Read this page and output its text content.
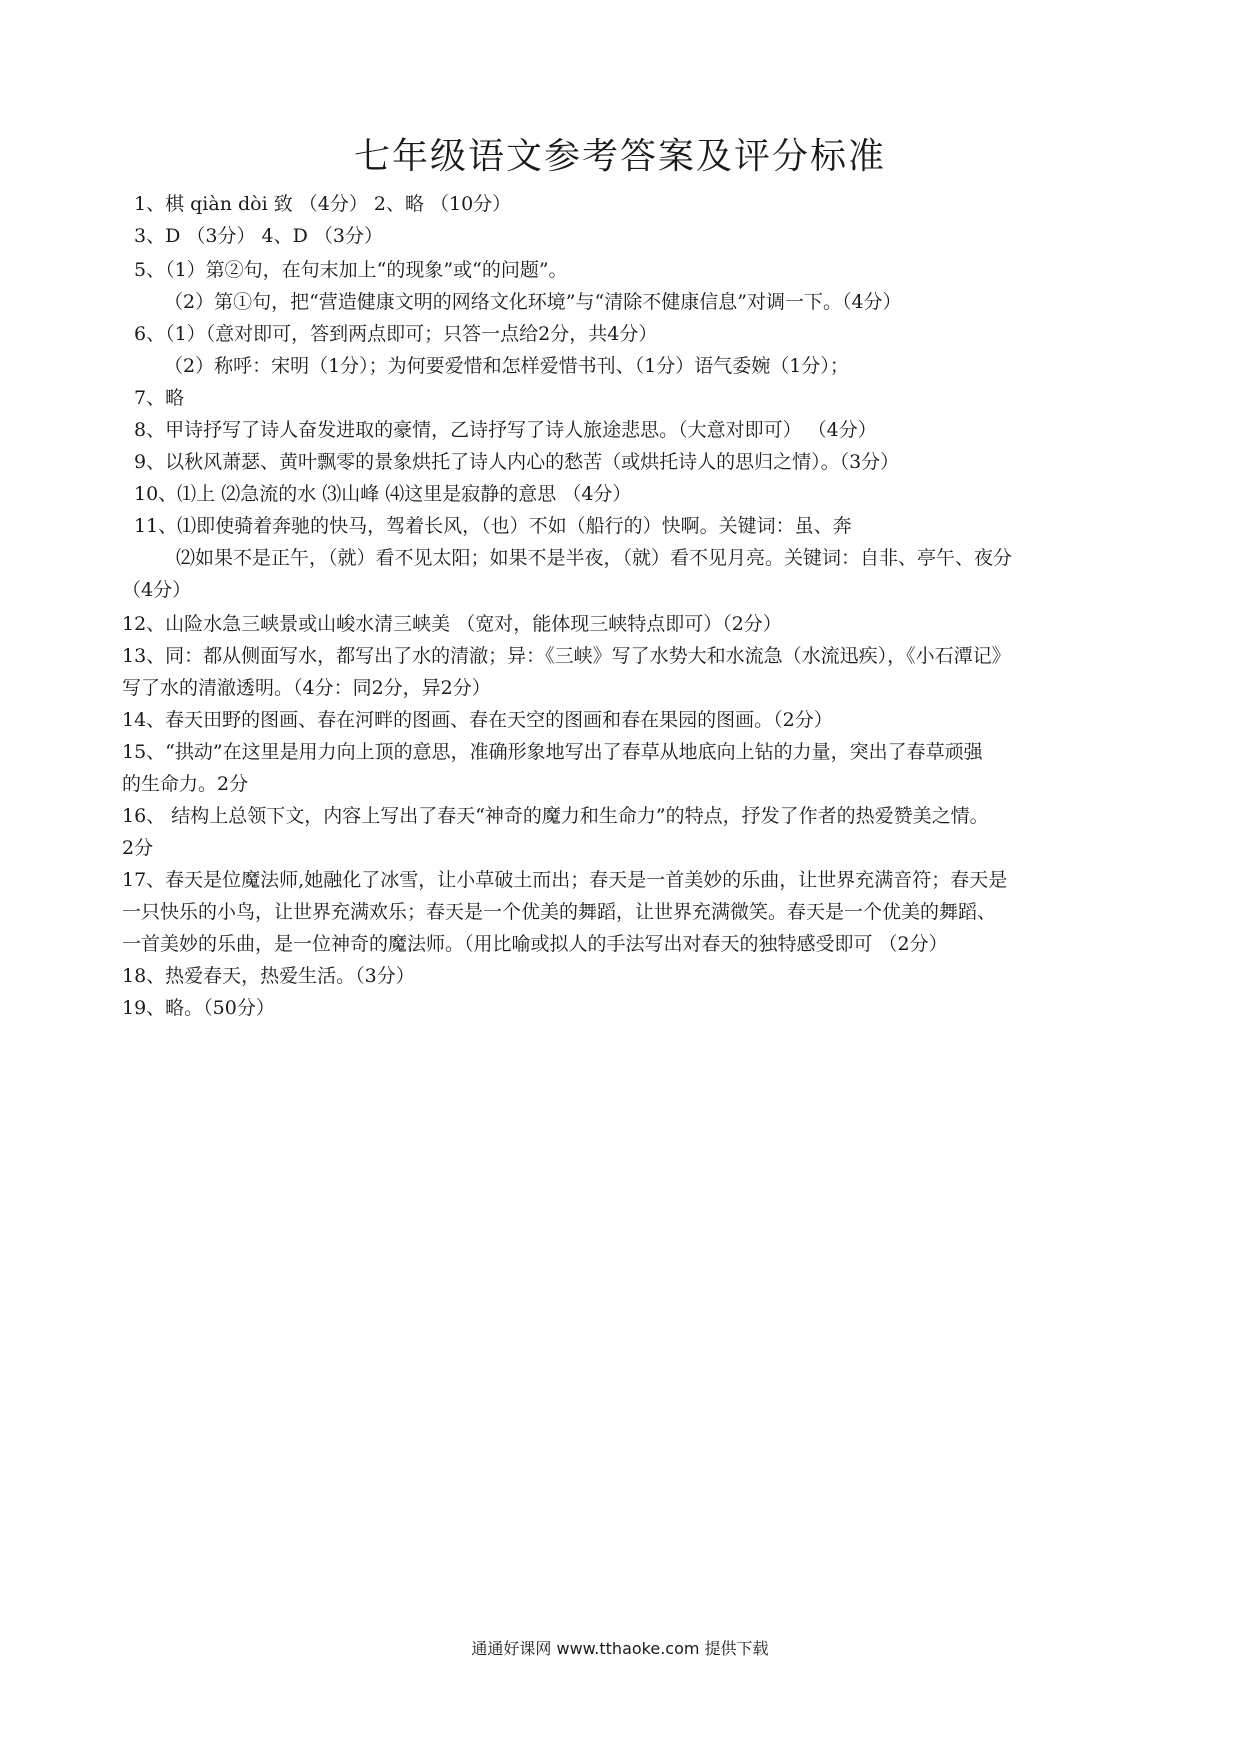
七年级语文参考答案及评分标准
1、棋 qiàn dòi 致 （4分） 2、略 （10分）
3、D （3分） 4、D （3分）
5、（1）第②句，在句末加上“的现象”或“的问题”。
（2）第①句，把“营造健康文明的网络文化环境”与“清除不健康信息”对调一下。（4分）
6、（1）（意对即可，答到两点即可；只答一点给2分，共4分）
（2）称呼：宋明（1分）；为何要爱惜和怎样爱惜书刊、（1分）语气委婉（1分）；
7、略
8、甲诗抒写了诗人奋发进取的豪情，乙诗抒写了诗人旅途悲思。（大意对即可） （4分）
9、以秋风萧瑟、黄叶飘零的景象烘托了诗人内心的愁苦（或烘托诗人的思归之情）。（3分）
10、⑴上 ⑵急流的水 ⑶山峰 ⑷这里是寂静的意思 （4分）
11、⑴即使骑着奔驰的快马，驾着长风，（也）不如（船行的）快啊。关键词：虽、奔
⑵如果不是正午，（就）看不见太阳；如果不是半夜，（就）看不见月亮。关键词：自非、亭午、夜分
（4分）
12、山险水急三峡景或山峻水清三峡美 （宽对，能体现三峡特点即可）（2分）
13、同：都从侧面写水，都写出了水的清澈；异：《三峡》写了水势大和水流急（水流迅疾），《小石潭记》
写了水的清澈透明。（4分：同2分，异2分）
14、春天田野的图画、春在河畔的图画、春在天空的图画和春在果园的图画。（2分）
15、“拱动”在这里是用力向上顶的意思，准确形象地写出了春草从地底向上钻的力量，突出了春草顽强
的生命力。2分
16、 结构上总领下文，内容上写出了春天“神奇的魔力和生命力”的特点，抒发了作者的热爱赞美之情。
2分
17、春天是位魔法师,她融化了冰雪，让小草破土而出；春天是一首美妙的乐曲，让世界充满音符；春天是
一只快乐的小鸟，让世界充满欢乐；春天是一个优美的舞蹈，让世界充满微笑。春天是一个优美的舞蹈、
一首美妙的乐曲，是一位神奇的魔法师。（用比喻或拟人的手法写出对春天的独特感受即可 （2分）
18、热爱春天，热爱生活。（3分）
19、略。（50分）
通通好课网 www.tthaoke.com 提供下载
